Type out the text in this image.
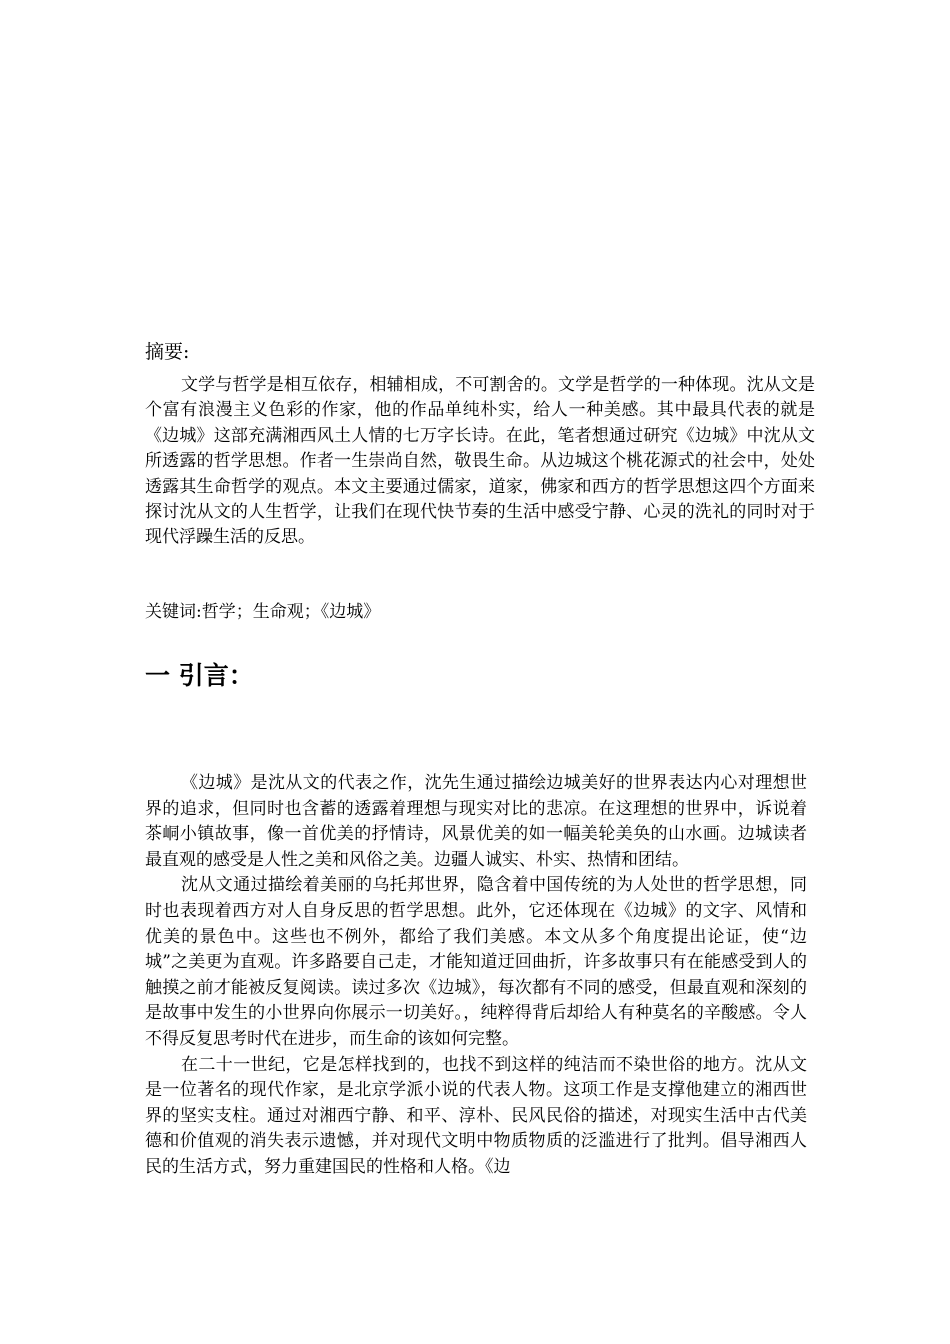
摘要:

文学与哲学是相互依存，相辅相成，不可割舍的。文学是哲学的一种体现。沈从文是个富有浪漫主义色彩的作家，他的作品单纯朴实，给人一种美感。其中最具代表的就是《边城》这部充满湘西风土人情的七万字长诗。在此，笔者想通过研究《边城》中沈从文所透露的哲学思想。作者一生崇尚自然，敬畏生命。从边城这个桃花源式的社会中，处处透露其生命哲学的观点。本文主要通过儒家，道家，佛家和西方的哲学思想这四个方面来探讨沈从文的人生哲学，让我们在现代快节奏的生活中感受宁静、心灵的洗礼的同时对于现代浮躁生活的反思。

关键词:哲学；生命观；《边城》

一 引言：

《边城》是沈从文的代表之作，沈先生通过描绘边城美好的世界表达内心对理想世界的追求，但同时也含蓄的透露着理想与现实对比的悲凉。在这理想的世界中，诉说着茶峒小镇故事，像一首优美的抒情诗，风景优美的如一幅美轮美奂的山水画。边城读者最直观的感受是人性之美和风俗之美。边疆人诚实、朴实、热情和团结。

沈从文通过描绘着美丽的乌托邦世界，隐含着中国传统的为人处世的哲学思想，同时也表现着西方对人自身反思的哲学思想。此外，它还体现在《边城》的文字、风情和优美的景色中。这些也不例外，都给了我们美感。本文从多个角度提出论证，使“边城”之美更为直观。许多路要自己走，才能知道迂回曲折，许多故事只有在能感受到人的触摸之前才能被反复阅读。读过多次《边城》，每次都有不同的感受，但最直观和深刻的是故事中发生的小世界向你展示一切美好。，纯粹得背后却给人有种莫名的辛酸感。令人不得反复思考时代在进步，而生命的该如何完整。

在二十一世纪，它是怎样找到的，也找不到这样的纯洁而不染世俗的地方。沈从文是一位著名的现代作家，是北京学派小说的代表人物。这项工作是支撑他建立的湘西世界的坚实支柱。通过对湘西宁静、和平、淳朴、民风民俗的描述，对现实生活中古代美德和价值观的消失表示遗憾，并对现代文明中物质物质的泛滥进行了批判。倡导湘西人民的生活方式，努力重建国民的性格和人格。《边
